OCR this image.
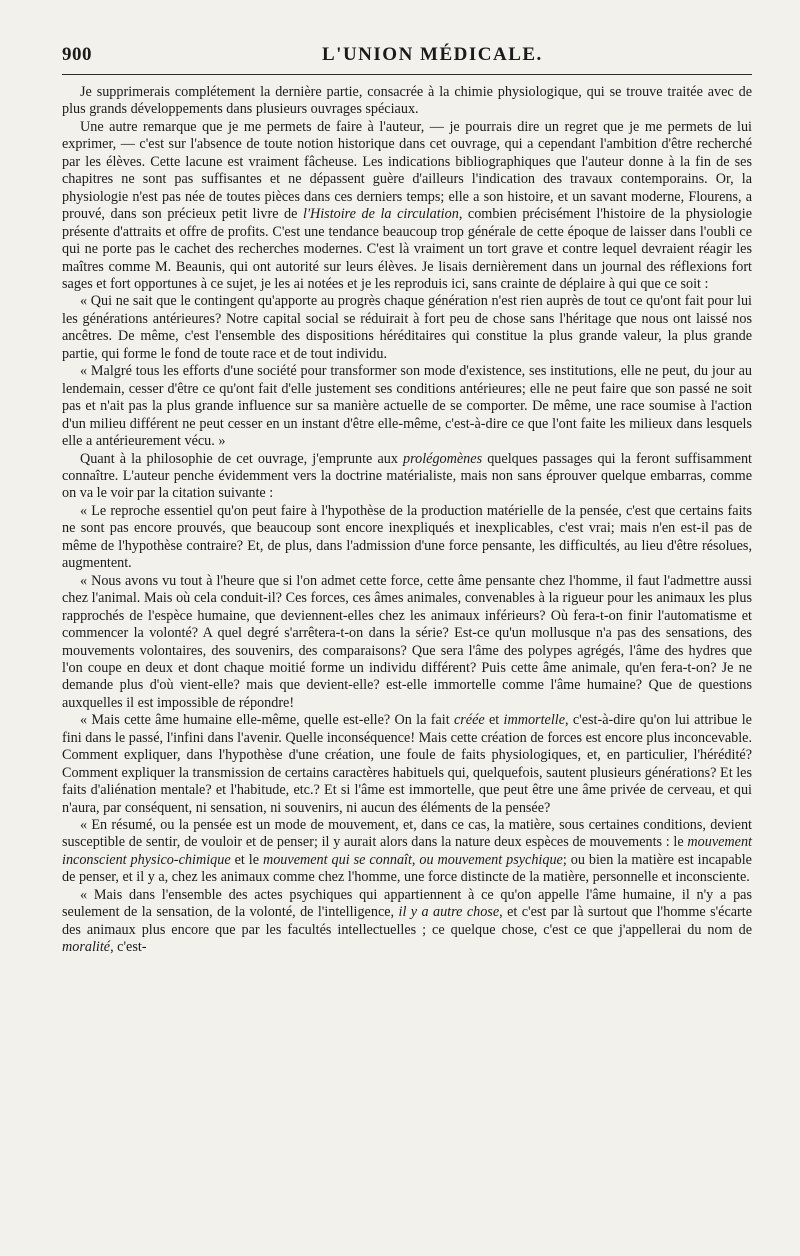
900	L'UNION MÉDICALE.

Je supprimerais complétement la dernière partie, consacrée à la chimie physiologique, qui se trouve traitée avec de plus grands développements dans plusieurs ouvrages spéciaux.

Une autre remarque que je me permets de faire à l'auteur, — je pourrais dire un regret que je me permets de lui exprimer, — c'est sur l'absence de toute notion historique dans cet ouvrage, qui a cependant l'ambition d'être recherché par les élèves. Cette lacune est vraiment fâcheuse. Les indications bibliographiques que l'auteur donne à la fin de ses chapitres ne sont pas suffisantes et ne dépassent guère d'ailleurs l'indication des travaux contemporains. Or, la physiologie n'est pas née de toutes pièces dans ces derniers temps; elle a son histoire, et un savant moderne, Flourens, a prouvé, dans son précieux petit livre de l'Histoire de la circulation, combien précisément l'histoire de la physiologie présente d'attraits et offre de profits. C'est une tendance beaucoup trop générale de cette époque de laisser dans l'oubli ce qui ne porte pas le cachet des recherches modernes. C'est là vraiment un tort grave et contre lequel devraient réagir les maîtres comme M. Beaunis, qui ont autorité sur leurs élèves. Je lisais dernièrement dans un journal des réflexions fort sages et fort opportunes à ce sujet, je les ai notées et je les reproduis ici, sans crainte de déplaire à qui que ce soit :

« Qui ne sait que le contingent qu'apporte au progrès chaque génération n'est rien auprès de tout ce qu'ont fait pour lui les générations antérieures? Notre capital social se réduirait à fort peu de chose sans l'héritage que nous ont laissé nos ancêtres. De même, c'est l'ensemble des dispositions héréditaires qui constitue la plus grande valeur, la plus grande partie, qui forme le fond de toute race et de tout individu.

« Malgré tous les efforts d'une société pour transformer son mode d'existence, ses institutions, elle ne peut, du jour au lendemain, cesser d'être ce qu'ont fait d'elle justement ses conditions antérieures; elle ne peut faire que son passé ne soit pas et n'ait pas la plus grande influence sur sa manière actuelle de se comporter. De même, une race soumise à l'action d'un milieu différent ne peut cesser en un instant d'être elle-même, c'est-à-dire ce que l'ont faite les milieux dans lesquels elle a antérieurement vécu. »

Quant à la philosophie de cet ouvrage, j'emprunte aux prolégomènes quelques passages qui la feront suffisamment connaître. L'auteur penche évidemment vers la doctrine matérialiste, mais non sans éprouver quelque embarras, comme on va le voir par la citation suivante :

« Le reproche essentiel qu'on peut faire à l'hypothèse de la production matérielle de la pensée, c'est que certains faits ne sont pas encore prouvés, que beaucoup sont encore inexpliqués et inexplicables, c'est vrai; mais n'en est-il pas de même de l'hypothèse contraire? Et, de plus, dans l'admission d'une force pensante, les difficultés, au lieu d'être résolues, augmentent.

« Nous avons vu tout à l'heure que si l'on admet cette force, cette âme pensante chez l'homme, il faut l'admettre aussi chez l'animal. Mais où cela conduit-il? Ces forces, ces âmes animales, convenables à la rigueur pour les animaux les plus rapprochés de l'espèce humaine, que deviennent-elles chez les animaux inférieurs? Où fera-t-on finir l'automatisme et commencer la volonté? A quel degré s'arrêtera-t-on dans la série? Est-ce qu'un mollusque n'a pas des sensations, des mouvements volontaires, des souvenirs, des comparaisons? Que sera l'âme des polypes agrégés, l'âme des hydres que l'on coupe en deux et dont chaque moitié forme un individu différent? Puis cette âme animale, qu'en fera-t-on? Je ne demande plus d'où vient-elle? mais que devient-elle? est-elle immortelle comme l'âme humaine? Que de questions auxquelles il est impossible de répondre!

« Mais cette âme humaine elle-même, quelle est-elle? On la fait créée et immortelle, c'est-à-dire qu'on lui attribue le fini dans le passé, l'infini dans l'avenir. Quelle inconséquence! Mais cette création de forces est encore plus inconcevable. Comment expliquer, dans l'hypothèse d'une création, une foule de faits physiologiques, et, en particulier, l'hérédité? Comment expliquer la transmission de certains caractères habituels qui, quelquefois, sautent plusieurs générations? Et les faits d'aliénation mentale? et l'habitude, etc.? Et si l'âme est immortelle, que peut être une âme privée de cerveau, et qui n'aura, par conséquent, ni sensation, ni souvenirs, ni aucun des éléments de la pensée?

« En résumé, ou la pensée est un mode de mouvement, et, dans ce cas, la matière, sous certaines conditions, devient susceptible de sentir, de vouloir et de penser; il y aurait alors dans la nature deux espèces de mouvements : le mouvement inconscient physico-chimique et le mouvement qui se connaît, ou mouvement psychique; ou bien la matière est incapable de penser, et il y a, chez les animaux comme chez l'homme, une force distincte de la matière, personnelle et inconsciente.

« Mais dans l'ensemble des actes psychiques qui appartiennent à ce qu'on appelle l'âme humaine, il n'y a pas seulement de la sensation, de la volonté, de l'intelligence, il y a autre chose, et c'est par là surtout que l'homme s'écarte des animaux plus encore que par les facultés intellectuelles ; ce quelque chose, c'est ce que j'appellerai du nom de moralité, c'est-
